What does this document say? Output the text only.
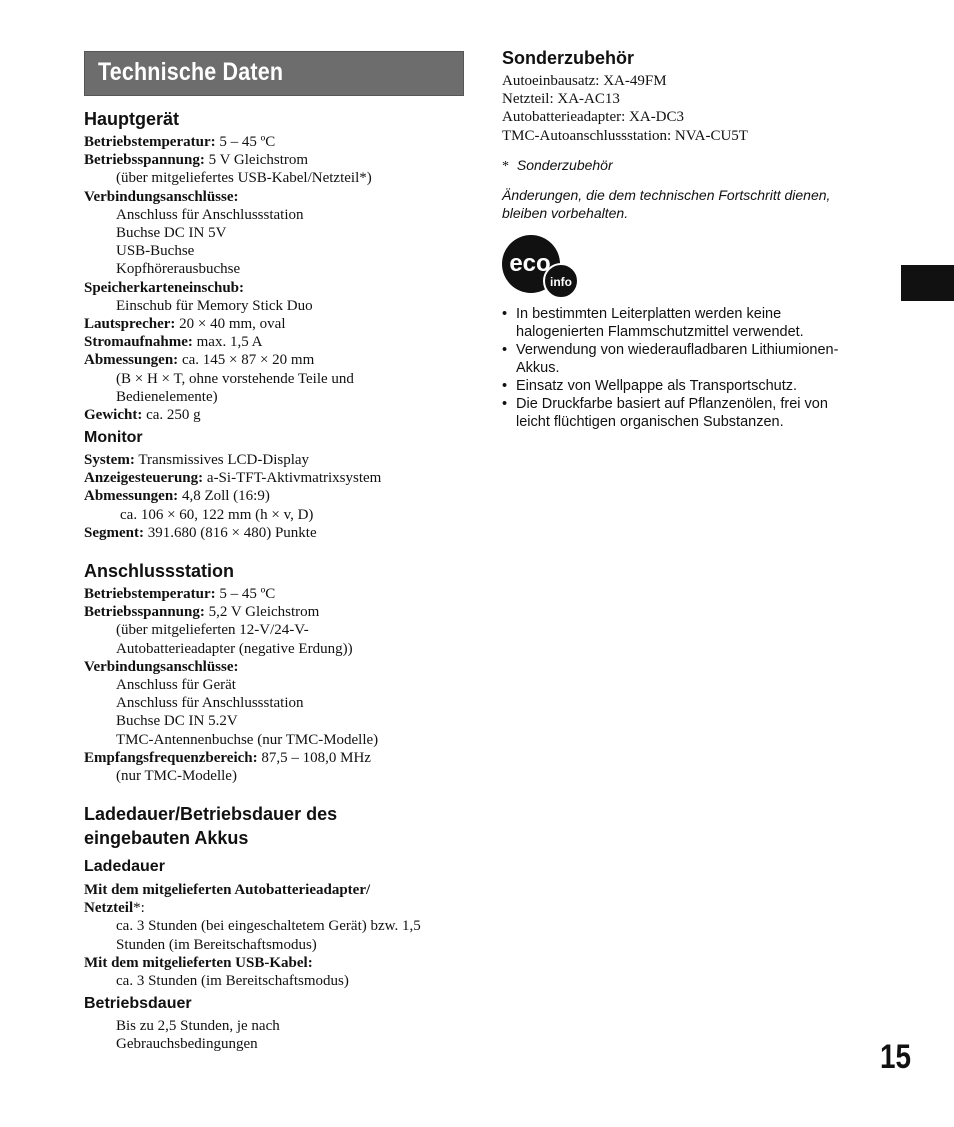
Technische Daten
Hauptgerät
Betriebstemperatur: 5 – 45 ºC
Betriebsspannung: 5 V Gleichstrom
(über mitgeliefertes USB-Kabel/Netzteil*)
Verbindungsanschlüsse:
Anschluss für Anschlussstation
Buchse DC IN 5V
USB-Buchse
Kopfhörerausbuchse
Speicherkarteneinschub:
Einschub für Memory Stick Duo
Lautsprecher: 20 × 40 mm, oval
Stromaufnahme: max. 1,5 A
Abmessungen: ca. 145 × 87 × 20 mm
(B × H × T, ohne vorstehende Teile und
Bedienelemente)
Gewicht: ca. 250 g
Monitor
System: Transmissives LCD-Display
Anzeigesteuerung: a-Si-TFT-Aktivmatrixsystem
Abmessungen: 4,8 Zoll (16:9)
ca. 106 × 60, 122 mm (h × v, D)
Segment: 391.680 (816 × 480) Punkte
Anschlussstation
Betriebstemperatur: 5 – 45 ºC
Betriebsspannung: 5,2 V Gleichstrom
(über mitgelieferten 12-V/24-V-
Autobatterieadapter (negative Erdung))
Verbindungsanschlüsse:
Anschluss für Gerät
Anschluss für Anschlussstation
Buchse DC IN 5.2V
TMC-Antennenbuchse (nur TMC-Modelle)
Empfangsfrequenzbereich: 87,5 – 108,0 MHz
(nur TMC-Modelle)
Ladedauer/Betriebsdauer des
eingebauten Akkus
Ladedauer
Mit dem mitgelieferten Autobatterieadapter/
Netzteil*:
ca. 3 Stunden (bei eingeschaltetem Gerät) bzw. 1,5
Stunden (im Bereitschaftsmodus)
Mit dem mitgelieferten USB-Kabel:
ca. 3 Stunden (im Bereitschaftsmodus)
Betriebsdauer
Bis zu 2,5 Stunden, je nach
Gebrauchsbedingungen
Sonderzubehör
Autoeinbausatz: XA-49FM
Netzteil: XA-AC13
Autobatterieadapter: XA-DC3
TMC-Autoanschlussstation: NVA-CU5T
* Sonderzubehör
Änderungen, die dem technischen Fortschritt dienen,
bleiben vorbehalten.
eco
info
• In bestimmten Leiterplatten werden keine
halogenierten Flammschutzmittel verwendet.
• Verwendung von wiederaufladbaren Lithiumionen-
Akkus.
• Einsatz von Wellpappe als Transportschutz.
• Die Druckfarbe basiert auf Pflanzenölen, frei von
leicht flüchtigen organischen Substanzen.
15
